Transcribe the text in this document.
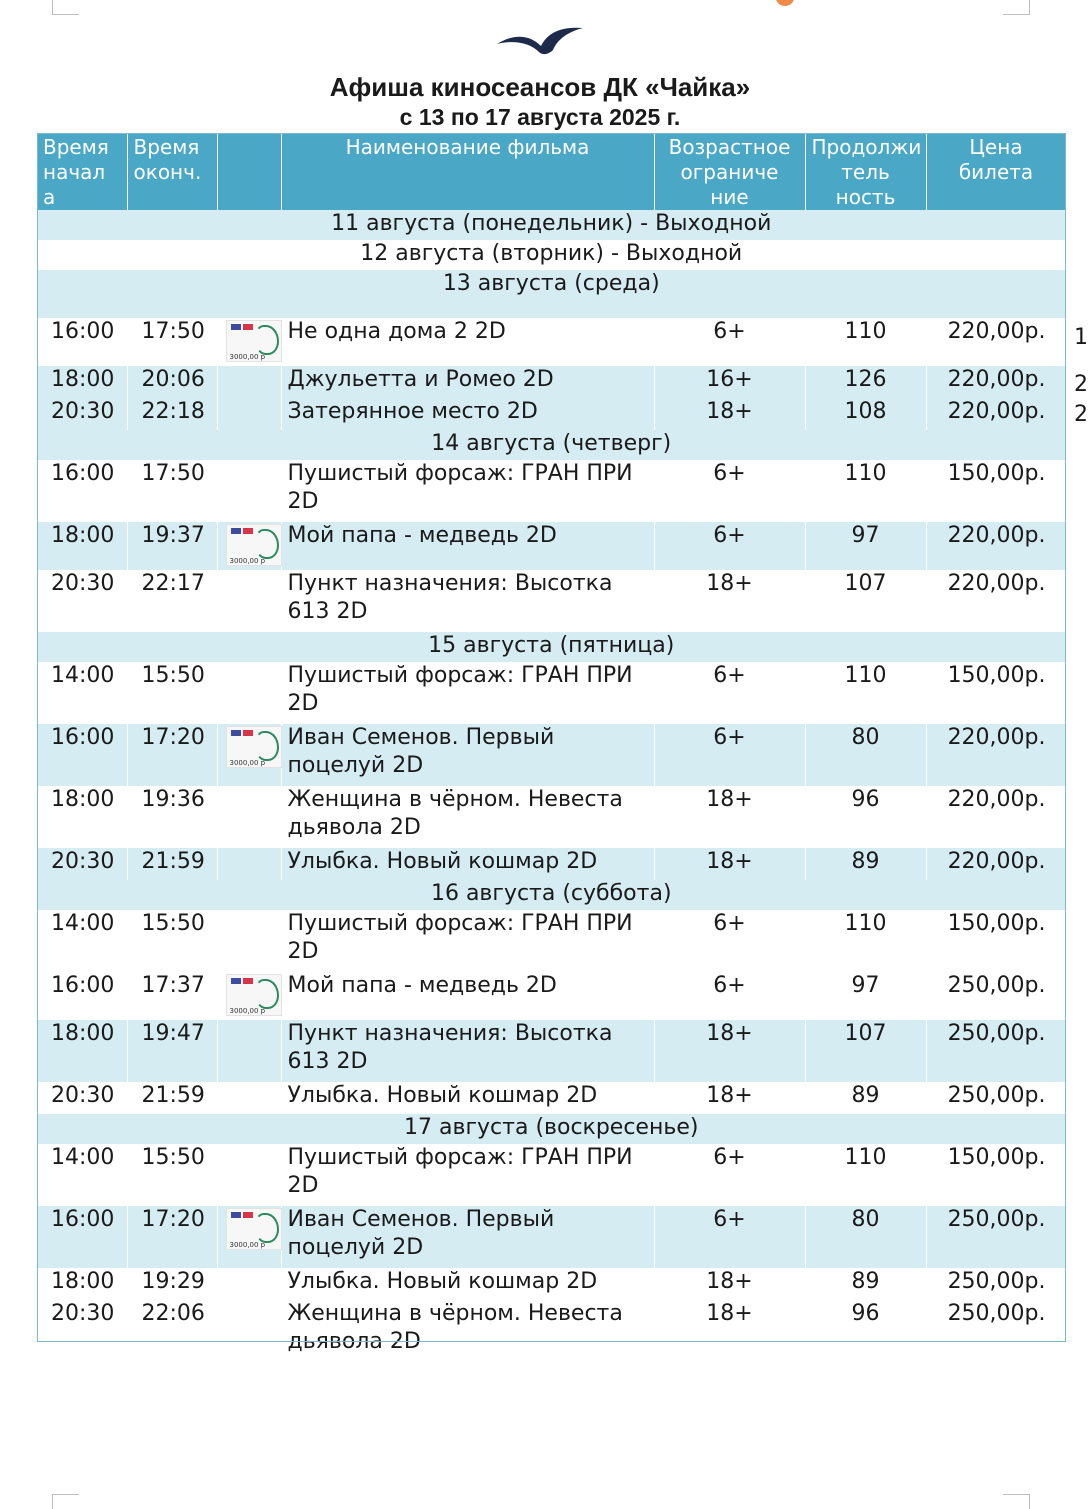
Афиша киносеансов ДК «Чайка»
с 13 по 17 августа 2025 г.
Время начал а	Время оконч.		Наименование фильма	Возрастное ограниче ние	Продолжи тель ность	Цена билета
11 августа (понедельник) - Выходной						
12 августа (вторник) - Выходной						
13 августа (среда)						
16:00	17:50	3000,00 р	Не одна дома 2 2D	6+	110	220,00р.
18:00	20:06		Джульетта и Ромео 2D	16+	126	220,00р.
20:30	22:18		Затерянное место 2D	18+	108	220,00р.
14 августа (четверг)						
16:00	17:50		Пушистый форсаж: ГРАН ПРИ 2D	6+	110	150,00р.
18:00	19:37	3000,00 р	Мой папа - медведь 2D	6+	97	220,00р.
20:30	22:17		Пункт назначения: Высотка 613 2D	18+	107	220,00р.
15 августа (пятница)						
14:00	15:50		Пушистый форсаж: ГРАН ПРИ 2D	6+	110	150,00р.
16:00	17:20	3000,00 р	Иван Семенов. Первый поцелуй 2D	6+	80	220,00р.
18:00	19:36		Женщина в чёрном. Невеста дьявола 2D	18+	96	220,00р.
20:30	21:59		Улыбка. Новый кошмар 2D	18+	89	220,00р.
16 августа (суббота)						
14:00	15:50		Пушистый форсаж: ГРАН ПРИ 2D	6+	110	150,00р.
16:00	17:37	3000,00 р	Мой папа - медведь 2D	6+	97	250,00р.
18:00	19:47		Пункт назначения: Высотка 613 2D	18+	107	250,00р.
20:30	21:59		Улыбка. Новый кошмар 2D	18+	89	250,00р.
17 августа (воскресенье)						
14:00	15:50		Пушистый форсаж: ГРАН ПРИ 2D	6+	110	150,00р.
16:00	17:20	3000,00 р	Иван Семенов. Первый поцелуй 2D	6+	80	250,00р.
18:00	19:29		Улыбка. Новый кошмар 2D	18+	89	250,00р.
20:30	22:06		Женщина в чёрном. Невеста дьявола 2D	18+	96	250,00р.
1
2
2
